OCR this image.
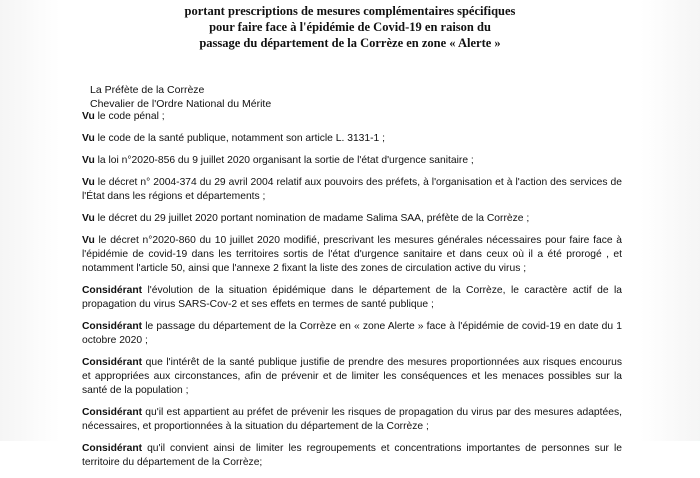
portant prescriptions de mesures complémentaires spécifiques
pour faire face à l'épidémie de Covid-19 en raison du
passage du département de la Corrèze en zone « Alerte »
La Préfète de la Corrèze
Chevalier de l'Ordre National du Mérite

Vu le code pénal ;

Vu le code de la santé publique, notamment son article L. 3131-1 ;

Vu la loi n°2020-856 du 9 juillet 2020 organisant la sortie de l'état d'urgence sanitaire ;

Vu le décret n° 2004-374 du 29 avril 2004 relatif aux pouvoirs des préfets, à l'organisation et à l'action des services de l'État dans les régions et départements ;

Vu le décret du 29 juillet 2020 portant nomination de madame Salima SAA, préfète de la Corrèze ;

Vu le décret n°2020-860 du 10 juillet 2020 modifié, prescrivant les mesures générales nécessaires pour faire face à l'épidémie de covid-19 dans les territoires sortis de l'état d'urgence sanitaire et dans ceux où il a été prorogé , et notamment l'article 50, ainsi que l'annexe 2 fixant la liste des zones de circulation active du virus ;

Considérant l'évolution de la situation épidémique dans le département de la Corrèze, le caractère actif de la propagation du virus SARS-Cov-2 et ses effets en termes de santé publique ;

Considérant le passage du département de la Corrèze en « zone Alerte » face à l'épidémie de covid-19 en date du 1 octobre 2020 ;

Considérant que l'intérêt de la santé publique justifie de prendre des mesures proportionnées aux risques encourus et appropriées aux circonstances, afin de prévenir et de limiter les conséquences et les menaces possibles sur la santé de la population ;

Considérant qu'il est appartient au préfet de prévenir les risques de propagation du virus par des mesures adaptées, nécessaires, et proportionnées à la situation du département de la Corrèze ;

Considérant qu'il convient ainsi de limiter les regroupements et concentrations importantes de personnes sur le territoire du département de la Corrèze;
